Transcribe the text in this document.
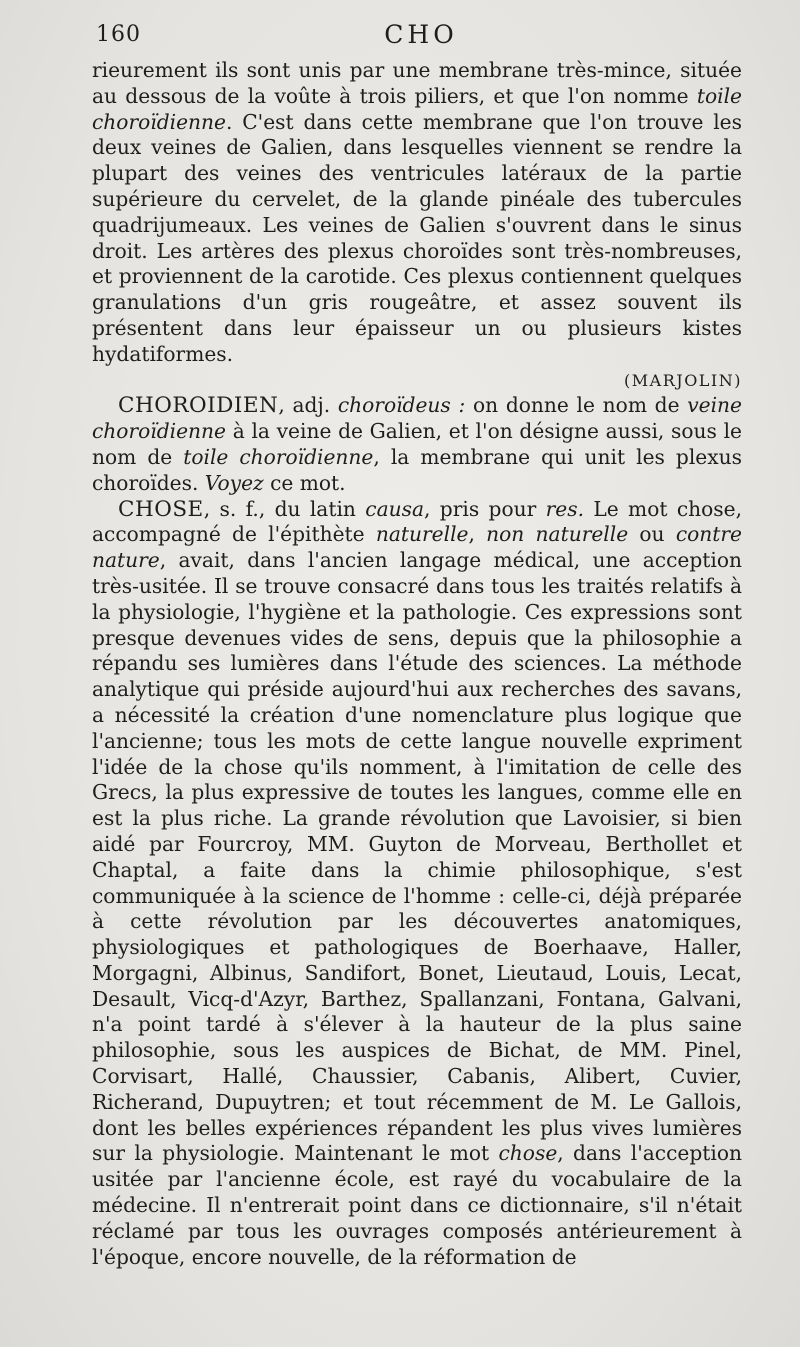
160	CHO

rieurement ils sont unis par une membrane très-mince, située au dessous de la voûte à trois piliers, et que l'on nomme toile choroïdienne. C'est dans cette membrane que l'on trouve les deux veines de Galien, dans lesquelles viennent se rendre la plupart des veines des ventricules latéraux de la partie supérieure du cervelet, de la glande pinéale des tubercules quadrijumeaux. Les veines de Galien s'ouvrent dans le sinus droit. Les artères des plexus choroïdes sont très-nombreuses, et proviennent de la carotide. Ces plexus contiennent quelques granulations d'un gris rougeâtre, et assez souvent ils présentent dans leur épaisseur un ou plusieurs kistes hydatiformes.
(MARJOLIN)

CHOROIDIEN, adj. choroïdeus : on donne le nom de veine choroïdienne à la veine de Galien, et l'on désigne aussi, sous le nom de toile choroïdienne, la membrane qui unit les plexus choroïdes. Voyez ce mot.

CHOSE, s. f., du latin causa, pris pour res. Le mot chose, accompagné de l'épithète naturelle, non naturelle ou contre nature, avait, dans l'ancien langage médical, une acception très-usitée. Il se trouve consacré dans tous les traités relatifs à la physiologie, l'hygiène et la pathologie. Ces expressions sont presque devenues vides de sens, depuis que la philosophie a répandu ses lumières dans l'étude des sciences. La méthode analytique qui préside aujourd'hui aux recherches des savans, a nécessité la création d'une nomenclature plus logique que l'ancienne; tous les mots de cette langue nouvelle expriment l'idée de la chose qu'ils nomment, à l'imitation de celle des Grecs, la plus expressive de toutes les langues, comme elle en est la plus riche. La grande révolution que Lavoisier, si bien aidé par Fourcroy, MM. Guyton de Morveau, Berthollet et Chaptal, a faite dans la chimie philosophique, s'est communiquée à la science de l'homme : celle-ci, déjà préparée à cette révolution par les découvertes anatomiques, physiologiques et pathologiques de Boerhaave, Haller, Morgagni, Albinus, Sandifort, Bonet, Lieutaud, Louis, Lecat, Desault, Vicq-d'Azyr, Barthez, Spallanzani, Fontana, Galvani, n'a point tardé à s'élever à la hauteur de la plus saine philosophie, sous les auspices de Bichat, de MM. Pinel, Corvisart, Hallé, Chaussier, Cabanis, Alibert, Cuvier, Richerand, Dupuytren; et tout récemment de M. Le Gallois, dont les belles expériences répandent les plus vives lumières sur la physiologie. Maintenant le mot chose, dans l'acception usitée par l'ancienne école, est rayé du vocabulaire de la médecine. Il n'entrerait point dans ce dictionnaire, s'il n'était réclamé par tous les ouvrages composés antérieurement à l'époque, encore nouvelle, de la réformation de
